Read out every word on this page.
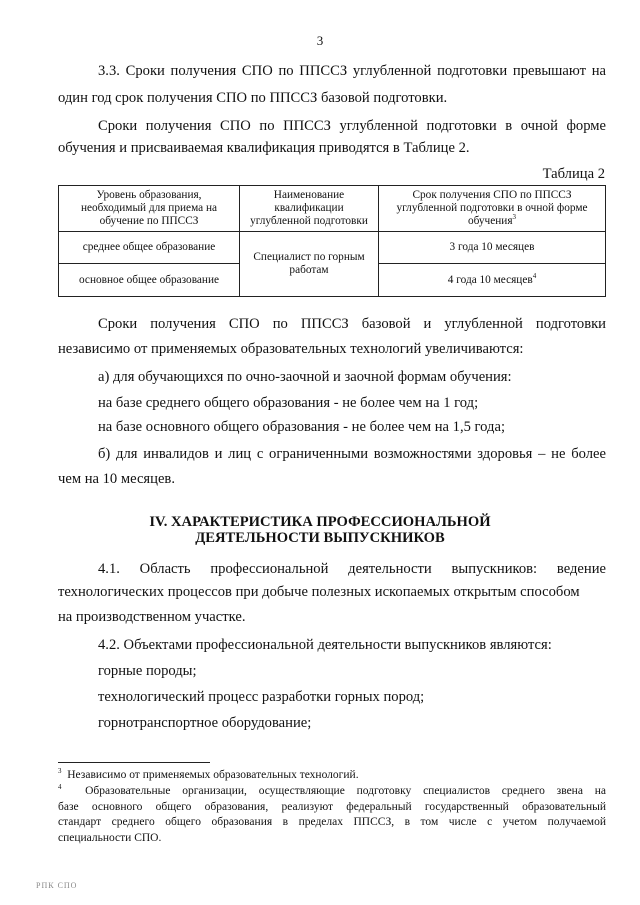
3
3.3. Сроки получения СПО по ППССЗ углубленной подготовки превышают на
один год срок получения СПО по ППССЗ базовой подготовки.
Сроки получения СПО по ППССЗ углубленной подготовки в очной форме
обучения и присваиваемая квалификация приводятся в Таблице 2.
Таблица 2
Уровень образования, необходимый для приема на обучение по ППССЗ	Наименование квалификации углубленной подготовки	Срок получения СПО по ППССЗ углубленной подготовки в очной форме обучения$^3$
среднее общее образование	Специалист по горным работам	3 года 10 месяцев
основное общее образование		4 года 10 месяцев$^4$
Сроки получения СПО по ППССЗ базовой и углубленной подготовки
независимо от применяемых образовательных технологий увеличиваются:
а) для обучающихся по очно-заочной и заочной формам обучения:
на базе среднего общего образования - не более чем на 1 год;
на базе основного общего образования - не более чем на 1,5 года;
б) для инвалидов и лиц с ограниченными возможностями здоровья – не более
чем на 10 месяцев.
IV. ХАРАКТЕРИСТИКА ПРОФЕССИОНАЛЬНОЙ
ДЕЯТЕЛЬНОСТИ ВЫПУСКНИКОВ
4.1. Область профессиональной деятельности выпускников: ведение
технологических процессов при добыче полезных ископаемых открытым способом
на производственном участке.
4.2. Объектами профессиональной деятельности выпускников являются:
горные породы;
технологический процесс разработки горных пород;
горнотранспортное оборудование;
$^3$ Независимо от применяемых образовательных технологий.
$^4$ Образовательные организации, осуществляющие подготовку специалистов среднего звена на
базе основного общего образования, реализуют федеральный государственный образовательный
стандарт среднего общего образования в пределах ППССЗ, в том числе с учетом получаемой
специальности СПО.
РПК СПО
